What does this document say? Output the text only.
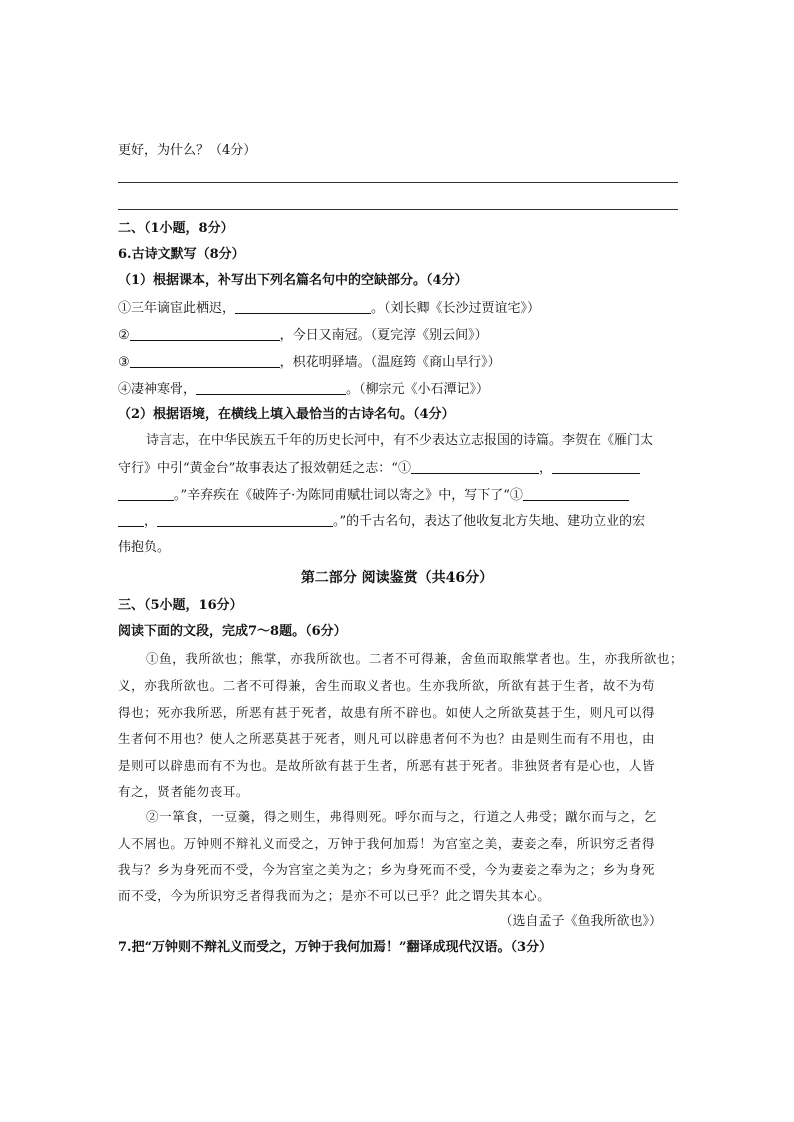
更好，为什么？（4分）
二、（1小题，8分）
6.古诗文默写（8分）
（1）根据课本，补写出下列名篇名句中的空缺部分。（4分）
①三年谪宦此栖迟，	。（刘长卿《长沙过贾谊宅》）
②	，今日又南冠。（夏完淳《别云间》）
③	，枳花明驿墙。（温庭筠《商山早行》）
④凄神寒骨，	。（柳宗元《小石潭记》）
（2）根据语境，在横线上填入最恰当的古诗名句。（4分）
诗言志，在中华民族五千年的历史长河中，有不少表达立志报国的诗篇。李贺在《雁门太
守行》中引“黄金台”故事表达了报效朝廷之志：“①	，
。”辛弃疾在《破阵子·为陈同甫赋壮词以寄之》中，写下了“①
，	。”的千古名句，表达了他收复北方失地、建功立业的宏
伟抱负。
第二部分 阅读鉴赏（共46分）
三、（5小题，16分）
阅读下面的文段，完成7～8题。（6分）
①鱼，我所欲也；熊掌，亦我所欲也。二者不可得兼，舍鱼而取熊掌者也。生，亦我所欲也；
义，亦我所欲也。二者不可得兼，舍生而取义者也。生亦我所欲，所欲有甚于生者，故不为苟
得也；死亦我所恶，所恶有甚于死者，故患有所不辟也。如使人之所欲莫甚于生，则凡可以得
生者何不用也？使人之所恶莫甚于死者，则凡可以辟患者何不为也？由是则生而有不用也，由
是则可以辟患而有不为也。是故所欲有甚于生者，所恶有甚于死者。非独贤者有是心也，人皆
有之，贤者能勿丧耳。
②一箪食，一豆羹，得之则生，弗得则死。呼尔而与之，行道之人弗受；蹴尔而与之，乞
人不屑也。万钟则不辩礼义而受之，万钟于我何加焉！为宫室之美，妻妾之奉，所识穷乏者得
我与？乡为身死而不受，今为宫室之美为之；乡为身死而不受，今为妻妾之奉为之；乡为身死
而不受，今为所识穷乏者得我而为之；是亦不可以已乎？此之谓失其本心。
（选自孟子《鱼我所欲也》）
7.把“万钟则不辩礼义而受之，万钟于我何加焉！”翻译成现代汉语。（3分）
